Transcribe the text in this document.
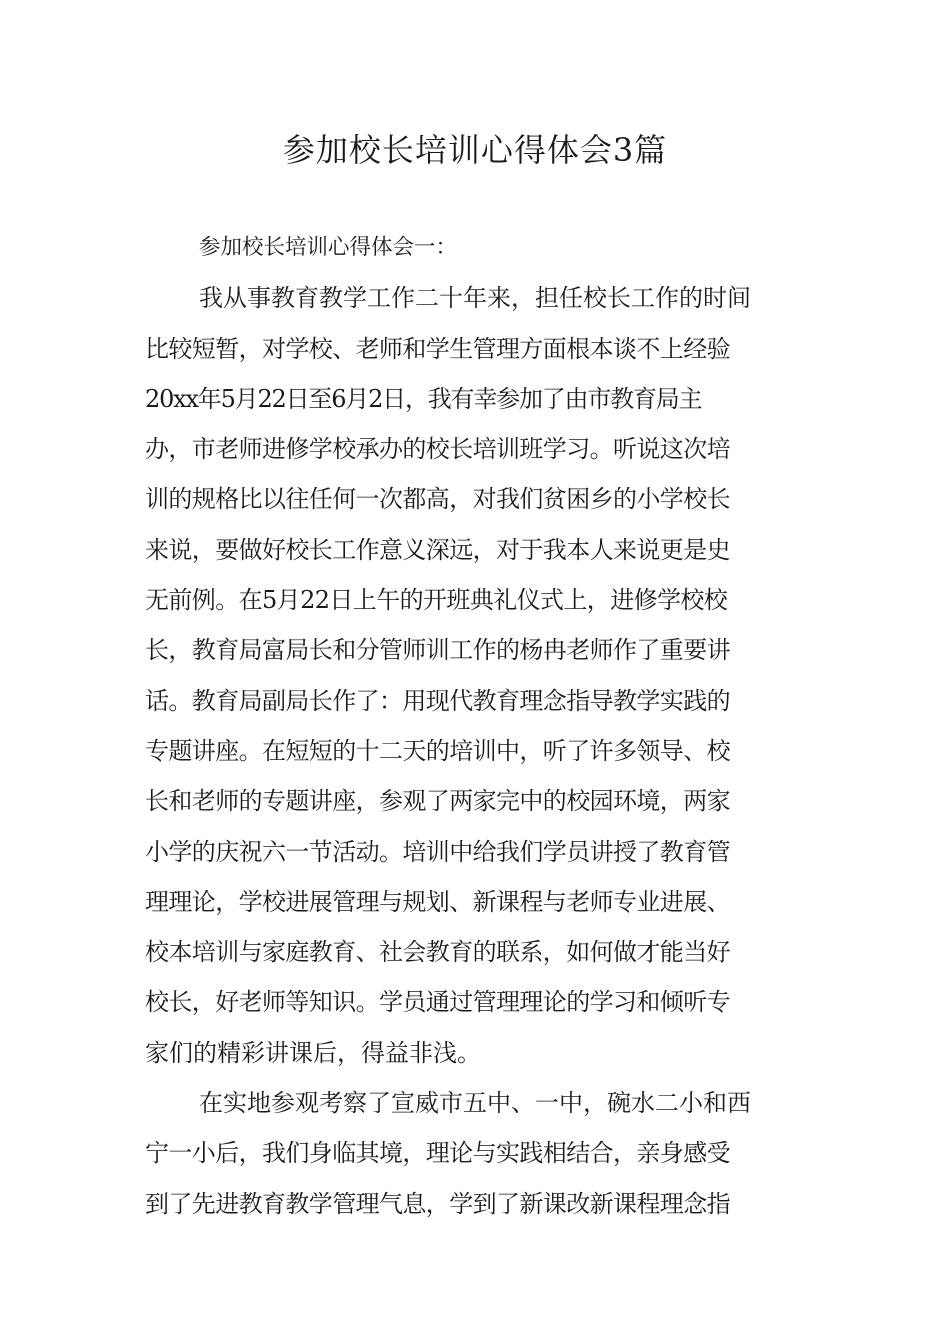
参加校长培训心得体会3篇
参加校长培训心得体会一：
我从事教育教学工作二十年来，担任校长工作的时间
比较短暂，对学校、老师和学生管理方面根本谈不上经验
20xx年5月22日至6月2日，我有幸参加了由市教育局主
办，市老师进修学校承办的校长培训班学习。听说这次培
训的规格比以往任何一次都高，对我们贫困乡的小学校长
来说，要做好校长工作意义深远，对于我本人来说更是史
无前例。在5月22日上午的开班典礼仪式上，进修学校校
长，教育局富局长和分管师训工作的杨冉老师作了重要讲
话。教育局副局长作了：用现代教育理念指导教学实践的
专题讲座。在短短的十二天的培训中，听了许多领导、校
长和老师的专题讲座，参观了两家完中的校园环境，两家
小学的庆祝六一节活动。培训中给我们学员讲授了教育管
理理论，学校进展管理与规划、新课程与老师专业进展、
校本培训与家庭教育、社会教育的联系，如何做才能当好
校长，好老师等知识。学员通过管理理论的学习和倾听专
家们的精彩讲课后，得益非浅。
在实地参观考察了宣威市五中、一中，碗水二小和西
宁一小后，我们身临其境，理论与实践相结合，亲身感受
到了先进教育教学管理气息，学到了新课改新课程理念指
